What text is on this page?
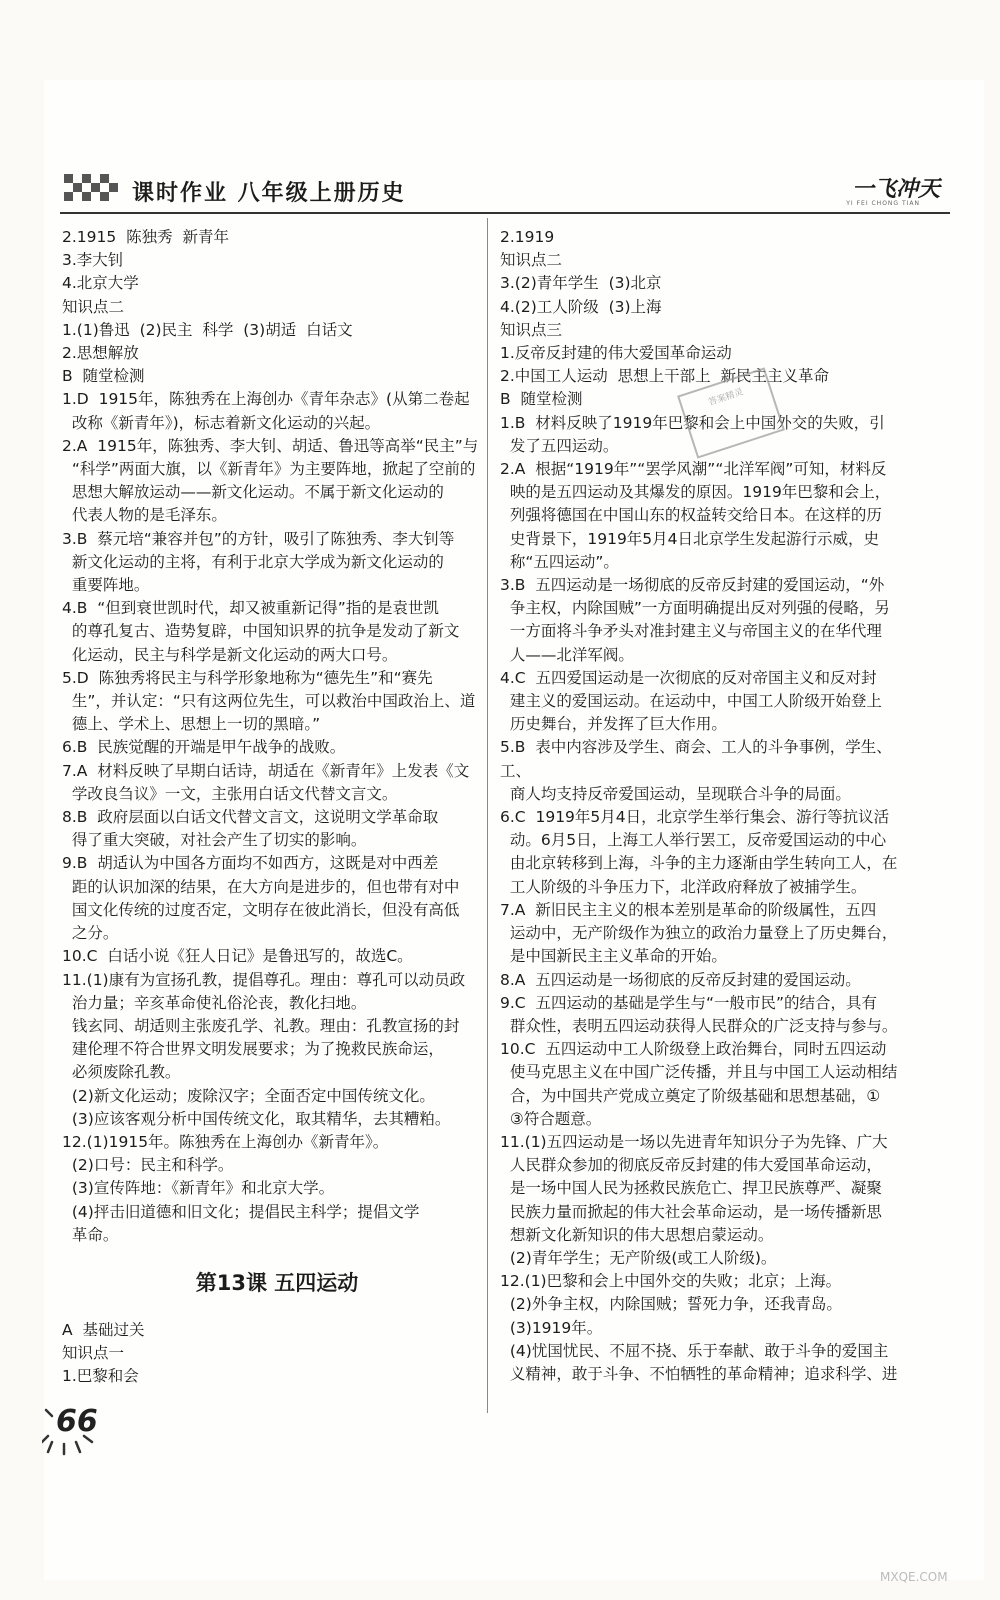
课时作业 八年级上册历史	一飞冲天
YI FEI CHONG TIAN
2.1915  陈独秀  新青年
3.李大钊
4.北京大学
知识点二
1.(1)鲁迅  (2)民主  科学  (3)胡适  白话文
2.思想解放
B  随堂检测
1.D  1915年，陈独秀在上海创办《青年杂志》(从第二卷起
改称《新青年》)，标志着新文化运动的兴起。
2.A  1915年，陈独秀、李大钊、胡适、鲁迅等高举“民主”与
“科学”两面大旗，以《新青年》为主要阵地，掀起了空前的
思想大解放运动——新文化运动。不属于新文化运动的
代表人物的是毛泽东。
3.B  蔡元培“兼容并包”的方针，吸引了陈独秀、李大钊等
新文化运动的主将，有利于北京大学成为新文化运动的
重要阵地。
4.B  “但到衰世凯时代，却又被重新记得”指的是袁世凯
的尊孔复古、造势复辟，中国知识界的抗争是发动了新文
化运动，民主与科学是新文化运动的两大口号。
5.D  陈独秀将民主与科学形象地称为“德先生”和“赛先
生”，并认定：“只有这两位先生，可以救治中国政治上、道
德上、学术上、思想上一切的黑暗。”
6.B  民族觉醒的开端是甲午战争的战败。
7.A  材料反映了早期白话诗，胡适在《新青年》上发表《文
学改良刍议》一文，主张用白话文代替文言文。
8.B  政府层面以白话文代替文言文，这说明文学革命取
得了重大突破，对社会产生了切实的影响。
9.B  胡适认为中国各方面均不如西方，这既是对中西差
距的认识加深的结果，在大方向是进步的，但也带有对中
国文化传统的过度否定，文明存在彼此消长，但没有高低
之分。
10.C  白话小说《狂人日记》是鲁迅写的，故选C。
11.(1)康有为宣扬孔教，提倡尊孔。理由：尊孔可以动员政
治力量；辛亥革命使礼俗沦丧，教化扫地。
钱玄同、胡适则主张废孔学、礼教。理由：孔教宣扬的封
建伦理不符合世界文明发展要求；为了挽救民族命运，
必须废除孔教。
(2)新文化运动；废除汉字；全面否定中国传统文化。
(3)应该客观分析中国传统文化，取其精华，去其糟粕。
12.(1)1915年。陈独秀在上海创办《新青年》。
(2)口号：民主和科学。
(3)宣传阵地：《新青年》和北京大学。
(4)抨击旧道德和旧文化；提倡民主科学；提倡文学
革命。
第13课 五四运动
A  基础过关
知识点一
1.巴黎和会
2.1919
知识点二
3.(2)青年学生  (3)北京
4.(2)工人阶级  (3)上海
知识点三
1.反帝反封建的伟大爱国革命运动
2.中国工人运动  思想上干部上  新民主主义革命
B  随堂检测
1.B  材料反映了1919年巴黎和会上中国外交的失败，引
发了五四运动。
2.A  根据“1919年”“罢学风潮”“北洋军阀”可知，材料反
映的是五四运动及其爆发的原因。1919年巴黎和会上，
列强将德国在中国山东的权益转交给日本。在这样的历
史背景下，1919年5月4日北京学生发起游行示威，史
称“五四运动”。
3.B  五四运动是一场彻底的反帝反封建的爱国运动，“外
争主权，内除国贼”一方面明确提出反对列强的侵略，另
一方面将斗争矛头对准封建主义与帝国主义的在华代理
人——北洋军阀。
4.C  五四爱国运动是一次彻底的反对帝国主义和反对封
建主义的爱国运动。在运动中，中国工人阶级开始登上
历史舞台，并发挥了巨大作用。
5.B  表中内容涉及学生、商会、工人的斗争事例，学生、工、
商人均支持反帝爱国运动，呈现联合斗争的局面。
6.C  1919年5月4日，北京学生举行集会、游行等抗议活
动。6月5日，上海工人举行罢工，反帝爱国运动的中心
由北京转移到上海，斗争的主力逐渐由学生转向工人，在
工人阶级的斗争压力下，北洋政府释放了被捕学生。
7.A  新旧民主主义的根本差别是革命的阶级属性，五四
运动中，无产阶级作为独立的政治力量登上了历史舞台，
是中国新民主主义革命的开始。
8.A  五四运动是一场彻底的反帝反封建的爱国运动。
9.C  五四运动的基础是学生与“一般市民”的结合，具有
群众性，表明五四运动获得人民群众的广泛支持与参与。
10.C  五四运动中工人阶级登上政治舞台，同时五四运动
使马克思主义在中国广泛传播，并且与中国工人运动相结
合，为中国共产党成立奠定了阶级基础和思想基础，①
③符合题意。
11.(1)五四运动是一场以先进青年知识分子为先锋、广大
人民群众参加的彻底反帝反封建的伟大爱国革命运动，
是一场中国人民为拯救民族危亡、捍卫民族尊严、凝聚
民族力量而掀起的伟大社会革命运动，是一场传播新思
想新文化新知识的伟大思想启蒙运动。
(2)青年学生；无产阶级(或工人阶级)。
12.(1)巴黎和会上中国外交的失败；北京；上海。
(2)外争主权，内除国贼；誓死力争，还我青岛。
(3)1919年。
(4)忧国忧民、不屈不挠、乐于奉献、敢于斗争的爱国主
义精神，敢于斗争、不怕牺牲的革命精神；追求科学、进
答案精灵
66
MXQE.COM
